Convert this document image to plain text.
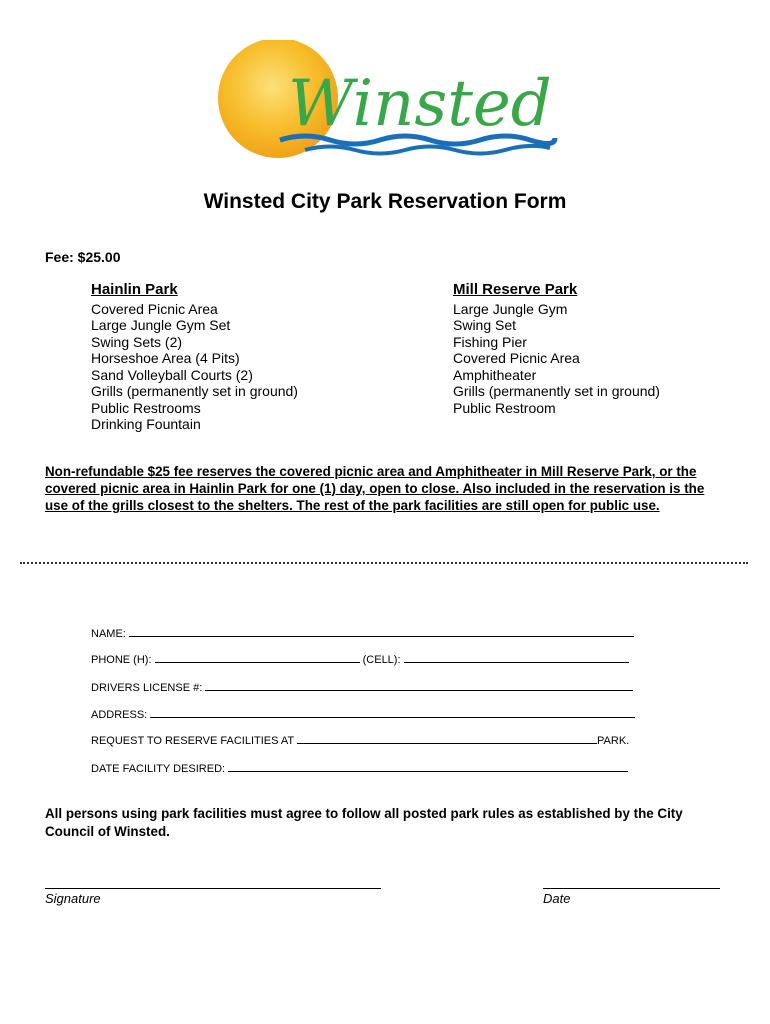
Winsted
Winsted City Park Reservation Form
Fee: $25.00
Hainlin Park
Covered Picnic Area
Large Jungle Gym Set
Swing Sets (2)
Horseshoe Area (4 Pits)
Sand Volleyball Courts (2)
Grills (permanently set in ground)
Public Restrooms
Drinking Fountain
Mill Reserve Park
Large Jungle Gym
Swing Set
Fishing Pier
Covered Picnic Area
Amphitheater
Grills (permanently set in ground)
Public Restroom
Non-refundable $25 fee reserves the covered picnic area and Amphitheater in Mill Reserve Park, or the covered picnic area in Hainlin Park for one (1) day, open to close. Also included in the reservation is the use of the grills closest to the shelters. The rest of the park facilities are still open for public use.
NAME:
PHONE (H):	(CELL):
DRIVERS LICENSE #:
ADDRESS:
REQUEST TO RESERVE FACILITIES AT	PARK.
DATE FACILITY DESIRED:
All persons using park facilities must agree to follow all posted park rules as established by the City Council of Winsted.
Signature	Date
